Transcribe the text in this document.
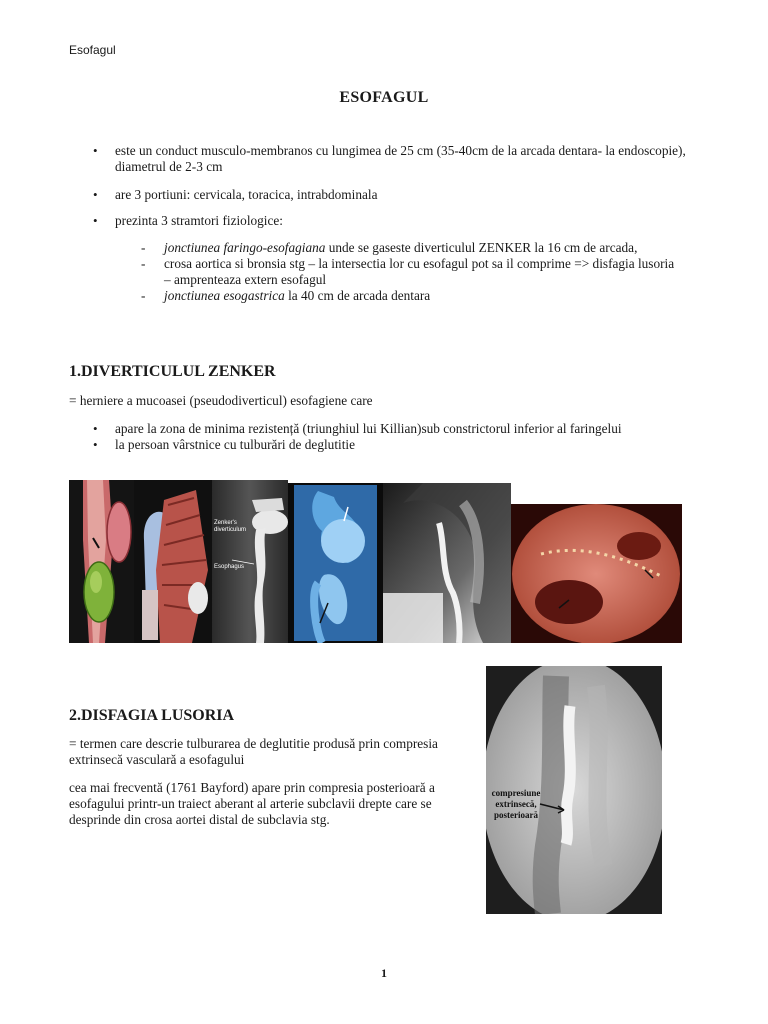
Esofagul
ESOFAGUL
• este un conduct musculo-membranos cu lungimea de 25 cm (35-40cm de la arcada dentara- la endoscopie), diametrul de 2-3 cm
• are 3 portiuni: cervicala, toracica, intrabdominala
• prezinta 3 stramtori fiziologice:
- jonctiunea faringo-esofagiana unde se gaseste diverticulul ZENKER la 16 cm de arcada,
- crosa aortica si bronsia stg – la intersectia lor cu esofagul pot sa il comprime => disfagia lusoria – amprenteaza extern esofagul
- jonctiunea esogastrica la 40 cm de arcada dentara
1.DIVERTICULUL ZENKER
= herniere a mucoasei (pseudodiverticul) esofagiene care
• apare la zona de minima rezistență (triunghiul lui Killian)sub constrictorul inferior al faringelui
• la persoan vârstnice cu tulburări de deglutitie
Zenker's diverticulum
Esophagus
2.DISFAGIA LUSORIA
= termen care descrie tulburarea de deglutitie produsă prin compresia extrinsecă vasculară a esofagului
cea mai frecventă (1761 Bayford) apare prin compresia posterioară a esofagului printr-un traiect aberant al arterie subclavii drepte care se desprinde din crosa aortei distal de subclavia stg.
compresiune
extrinsecă,
posterioară
1
